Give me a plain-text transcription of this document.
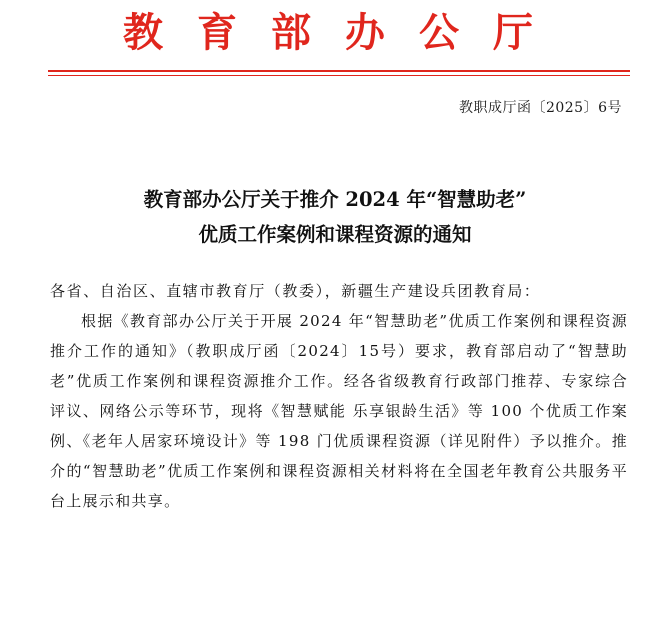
教育部办公厅
教职成厅函〔2025〕6号
教育部办公厅关于推介 2024 年“智慧助老”
优质工作案例和课程资源的通知

各省、自治区、直辖市教育厅（教委），新疆生产建设兵团教育局：

根据《教育部办公厅关于开展 2024 年“智慧助老”优质工作案例和课程资源推介工作的通知》（教职成厅函〔2024〕15号）要求，教育部启动了“智慧助老”优质工作案例和课程资源推介工作。经各省级教育行政部门推荐、专家综合评议、网络公示等环节，现将《智慧赋能 乐享银龄生活》等 100 个优质工作案例、《老年人居家环境设计》等 198 门优质课程资源（详见附件）予以推介。推介的“智慧助老”优质工作案例和课程资源相关材料将在全国老年教育公共服务平台上展示和共享。
